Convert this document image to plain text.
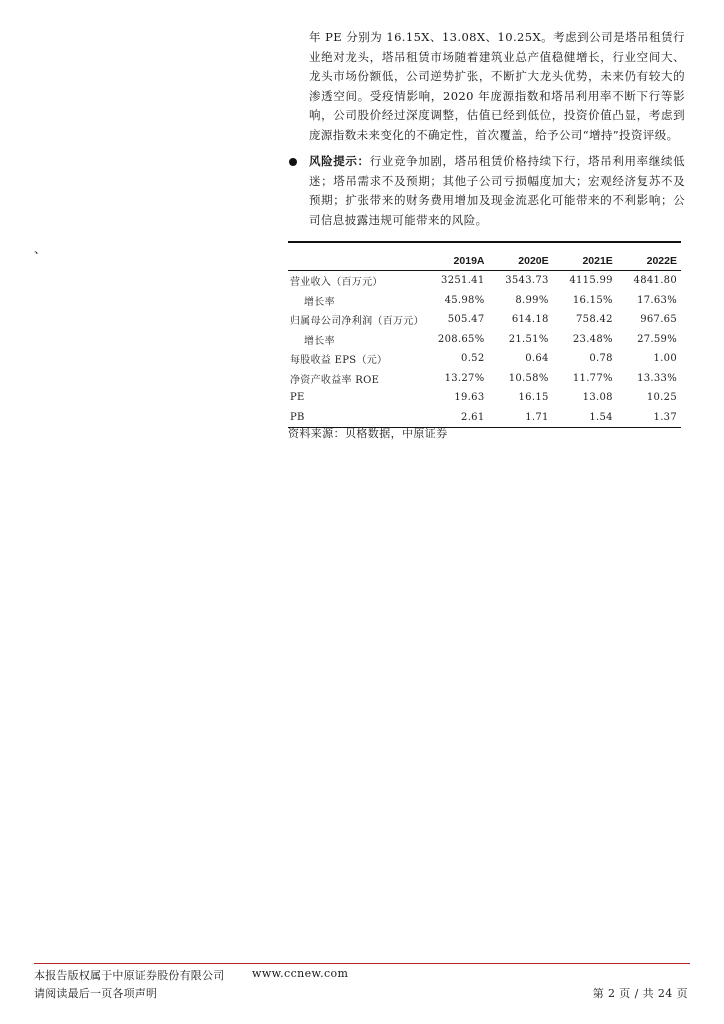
年 PE 分别为 16.15X、13.08X、10.25X。考虑到公司是塔吊租赁行业绝对龙头，塔吊租赁市场随着建筑业总产值稳健增长，行业空间大、龙头市场份额低，公司逆势扩张，不断扩大龙头优势，未来仍有较大的渗透空间。受疫情影响，2020 年庞源指数和塔吊利用率不断下行等影响，公司股价经过深度调整，估值已经到低位，投资价值凸显，考虑到庞源指数未来变化的不确定性，首次覆盖，给予公司“增持”投资评级。

风险提示：行业竞争加剧，塔吊租赁价格持续下行，塔吊利用率继续低迷；塔吊需求不及预期；其他子公司亏损幅度加大；宏观经济复苏不及预期；扩张带来的财务费用增加及现金流恶化可能带来的不利影响；公司信息披露违规可能带来的风险。

、
	2019A	2020E	2021E	2022E
营业收入（百万元）	3251.41	3543.73	4115.99	4841.80
增长率	45.98%	8.99%	16.15%	17.63%
归属母公司净利润（百万元）	505.47	614.18	758.42	967.65
增长率	208.65%	21.51%	23.48%	27.59%
每股收益 EPS（元）	0.52	0.64	0.78	1.00
净资产收益率 ROE	13.27%	10.58%	11.77%	13.33%
PE	19.63	16.15	13.08	10.25
PB	2.61	1.71	1.54	1.37
资料来源：贝格数据，中原证券
本报告版权属于中原证券股份有限公司	www.ccnew.com
请阅读最后一页各项声明	第 2 页 / 共 24 页
